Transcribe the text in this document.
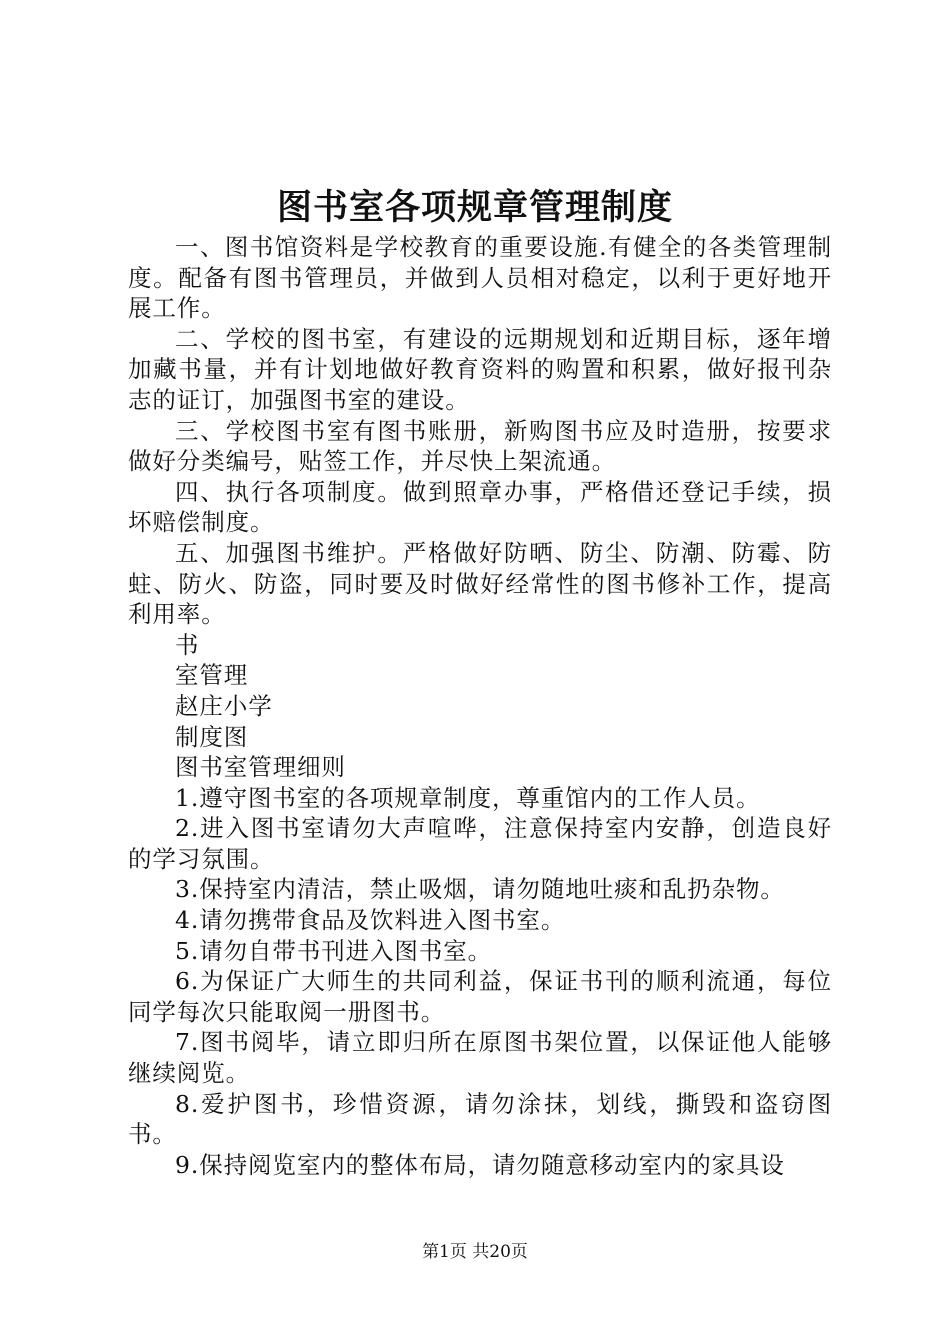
图书室各项规章管理制度

一、图书馆资料是学校教育的重要设施.有健全的各类管理制度。配备有图书管理员，并做到人员相对稳定，以利于更好地开展工作。

二、学校的图书室，有建设的远期规划和近期目标，逐年增加藏书量，并有计划地做好教育资料的购置和积累，做好报刊杂志的证订，加强图书室的建设。

三、学校图书室有图书账册，新购图书应及时造册，按要求做好分类编号，贴签工作，并尽快上架流通。

四、执行各项制度。做到照章办事，严格借还登记手续，损坏赔偿制度。

五、加强图书维护。严格做好防晒、防尘、防潮、防霉、防蛀、防火、防盗，同时要及时做好经常性的图书修补工作，提高利用率。

书

室管理

赵庄小学

制度图

图书室管理细则

1.遵守图书室的各项规章制度，尊重馆内的工作人员。

2.进入图书室请勿大声喧哗，注意保持室内安静，创造良好的学习氛围。

3.保持室内清洁，禁止吸烟，请勿随地吐痰和乱扔杂物。

4.请勿携带食品及饮料进入图书室。

5.请勿自带书刊进入图书室。

6.为保证广大师生的共同利益，保证书刊的顺利流通，每位同学每次只能取阅一册图书。

7.图书阅毕，请立即归所在原图书架位置，以保证他人能够继续阅览。

8.爱护图书，珍惜资源，请勿涂抹，划线，撕毁和盗窃图书。

9.保持阅览室内的整体布局，请勿随意移动室内的家具设

第1页 共20页
